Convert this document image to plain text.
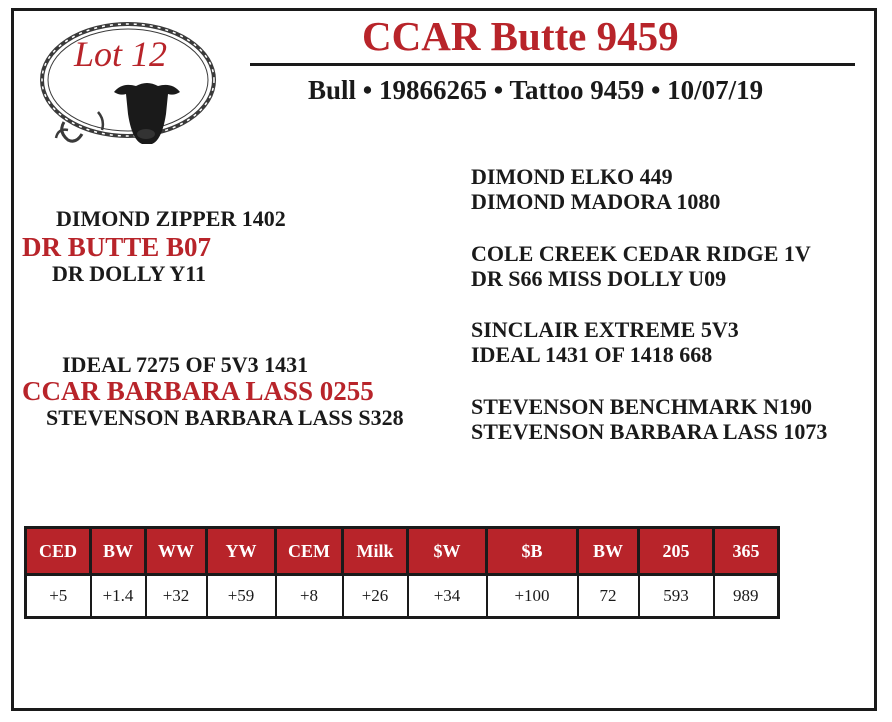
Lot 12	CCAR Butte 9459
Bull • 19866265 • Tattoo 9459 • 10/07/19
DIMOND ZIPPER 1402
DR BUTTE B07
DR DOLLY Y11
DIMOND ELKO 449
DIMOND MADORA 1080
COLE CREEK CEDAR RIDGE 1V
DR S66 MISS DOLLY U09
IDEAL 7275 OF 5V3 1431
CCAR BARBARA LASS 0255
STEVENSON BARBARA LASS S328
SINCLAIR EXTREME 5V3
IDEAL 1431 OF 1418 668
STEVENSON BENCHMARK N190
STEVENSON BARBARA LASS 1073
CED	BW	WW	YW	CEM	Milk	$W	$B	BW	205	365
+5	+1.4	+32	+59	+8	+26	+34	+100	72	593	989
